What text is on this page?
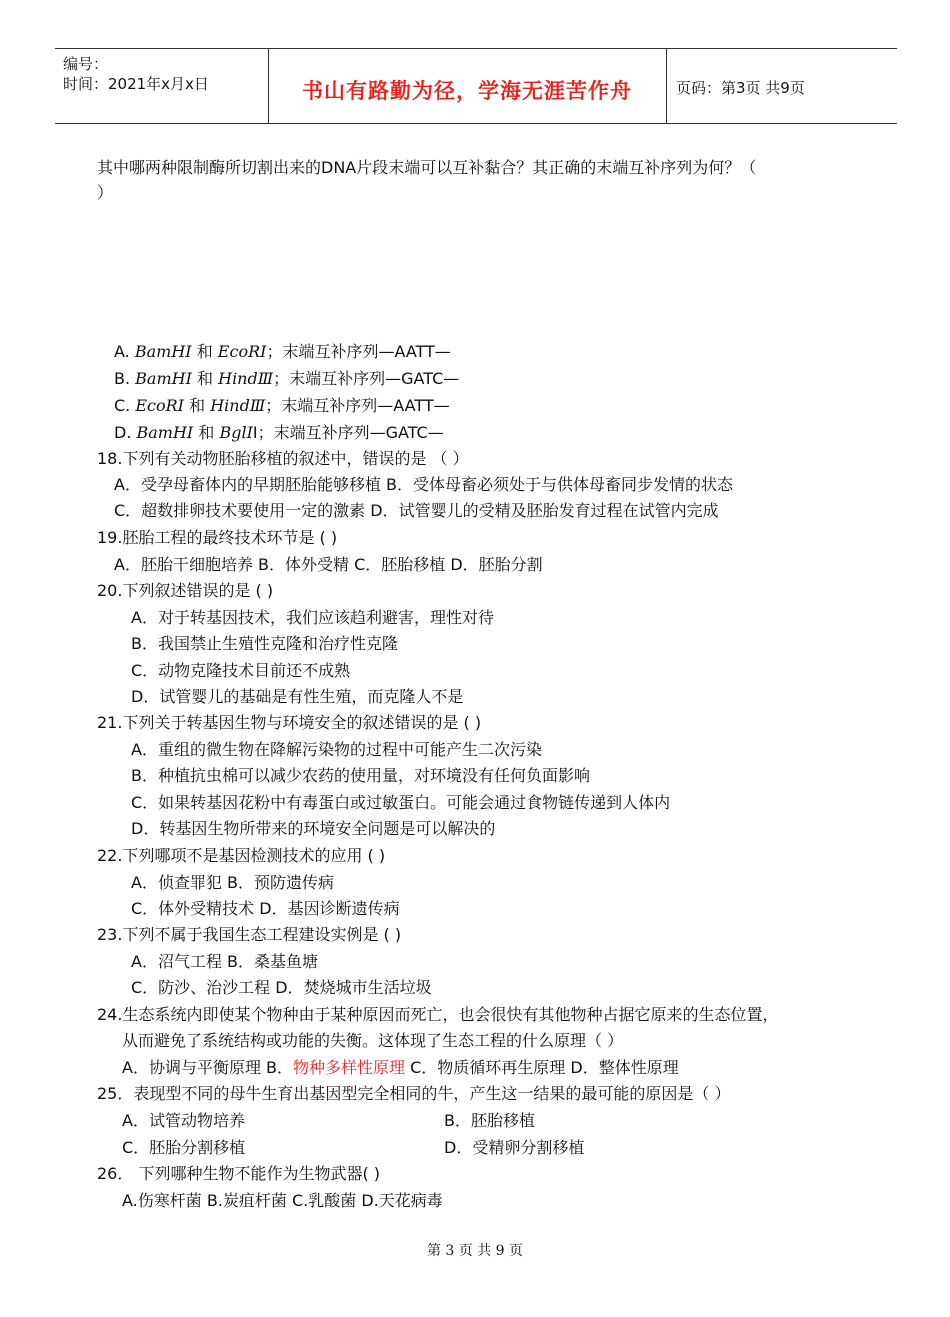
编号：
时间：2021年x月x日	书山有路勤为径，学海无涯苦作舟	页码：第3页 共9页
其中哪两种限制酶所切割出来的DNA片段末端可以互补黏合？其正确的末端互补序列为何？（
）
A. BamHI 和 EcoRI；末端互补序列—AATT—
B. BamHI 和 HindⅢ；末端互补序列—GATC—
C. EcoRI 和 HindⅢ；末端互补序列—AATT—
D. BamHI 和 BglII；末端互补序列—GATC—
18.下列有关动物胚胎移植的叙述中，错误的是 （ ）
A．受孕母畜体内的早期胚胎能够移植 B．受体母畜必须处于与供体母畜同步发情的状态
C．超数排卵技术要使用一定的激素 D．试管婴儿的受精及胚胎发育过程在试管内完成
19.胚胎工程的最终技术环节是 ( )
A．胚胎干细胞培养 B．体外受精 C．胚胎移植 D．胚胎分割
20.下列叙述错误的是 ( )
A．对于转基因技术，我们应该趋利避害，理性对待
B．我国禁止生殖性克隆和治疗性克隆
C．动物克隆技术目前还不成熟
D．试管婴儿的基础是有性生殖，而克隆人不是
21.下列关于转基因生物与环境安全的叙述错误的是 ( )
A．重组的微生物在降解污染物的过程中可能产生二次污染
B．种植抗虫棉可以减少农药的使用量，对环境没有任何负面影响
C．如果转基因花粉中有毒蛋白或过敏蛋白。可能会通过食物链传递到人体内
D．转基因生物所带来的环境安全问题是可以解决的
22.下列哪项不是基因检测技术的应用 ( )
A．侦查罪犯 B．预防遗传病
C．体外受精技术 D．基因诊断遗传病
23.下列不属于我国生态工程建设实例是 ( )
A．沼气工程 B．桑基鱼塘
C．防沙、治沙工程 D．焚烧城市生活垃圾
24.生态系统内即使某个物种由于某种原因而死亡，也会很快有其他物种占据它原来的生态位置，
从而避免了系统结构或功能的失衡。这体现了生态工程的什么原理（ ）
A．协调与平衡原理 B．物种多样性原理 C．物质循环再生原理 D．整体性原理
25．表现型不同的母牛生育出基因型完全相同的牛，产生这一结果的最可能的原因是（ ）
A．试管动物培养	B．胚胎移植
C．胚胎分割移植	D．受精卵分割移植
26． 下列哪种生物不能作为生物武器( )
A.伤寒杆菌 B.炭疽杆菌 C.乳酸菌 D.天花病毒
第 3 页 共 9 页
